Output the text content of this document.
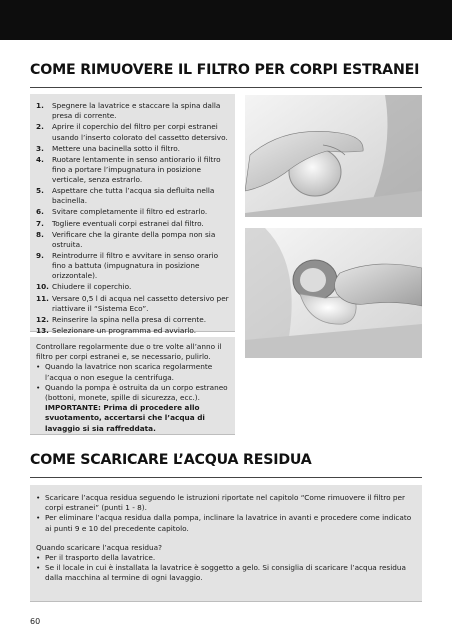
COME RIMUOVERE IL FILTRO PER CORPI ESTRANEI
1. Spegnere la lavatrice e staccare la spina dalla presa di corrente.
2. Aprire il coperchio del filtro per corpi estranei usando l’inserto colorato del cassetto detersivo.
3. Mettere una bacinella sotto il filtro.
4. Ruotare lentamente in senso antiorario il filtro fino a portare l’impugnatura in posizione verticale, senza estrarlo.
5. Aspettare che tutta l’acqua sia defluita nella bacinella.
6. Svitare completamente il filtro ed estrarlo.
7. Togliere eventuali corpi estranei dal filtro.
8. Verificare che la girante della pompa non sia ostruita.
9. Reintrodurre il filtro e avvitare in senso orario fino a battuta (impugnatura in posizione orizzontale).
10. Chiudere il coperchio.
11. Versare 0,5 l di acqua nel cassetto detersivo per riattivare il “Sistema Eco”.
12. Reinserire la spina nella presa di corrente.
13. Selezionare un programma ed avviarlo.

Controllare regolarmente due o tre volte all’anno il filtro per corpi estranei e, se necessario, pulirlo.

• Quando la lavatrice non scarica regolarmente l’acqua o non esegue la centrifuga.
• Quando la pompa è ostruita da un corpo estraneo (bottoni, monete, spille di sicurezza, ecc.).

IMPORTANTE: Prima di procedere allo svuotamento, accertarsi che l’acqua di lavaggio si sia raffreddata.

COME SCARICARE L’ACQUA RESIDUA
• Scaricare l’acqua residua seguendo le istruzioni riportate nel capitolo “Come rimuovere il filtro per corpi estranei” (punti 1 - 8).
• Per eliminare l’acqua residua dalla pompa, inclinare la lavatrice in avanti e procedere come indicato ai punti 9 e 10 del precedente capitolo.

Quando scaricare l’acqua residua?

• Per il trasporto della lavatrice.
• Se il locale in cui è installata la lavatrice è soggetto a gelo. Si consiglia di scaricare l’acqua residua dalla macchina al termine di ogni lavaggio.
60
